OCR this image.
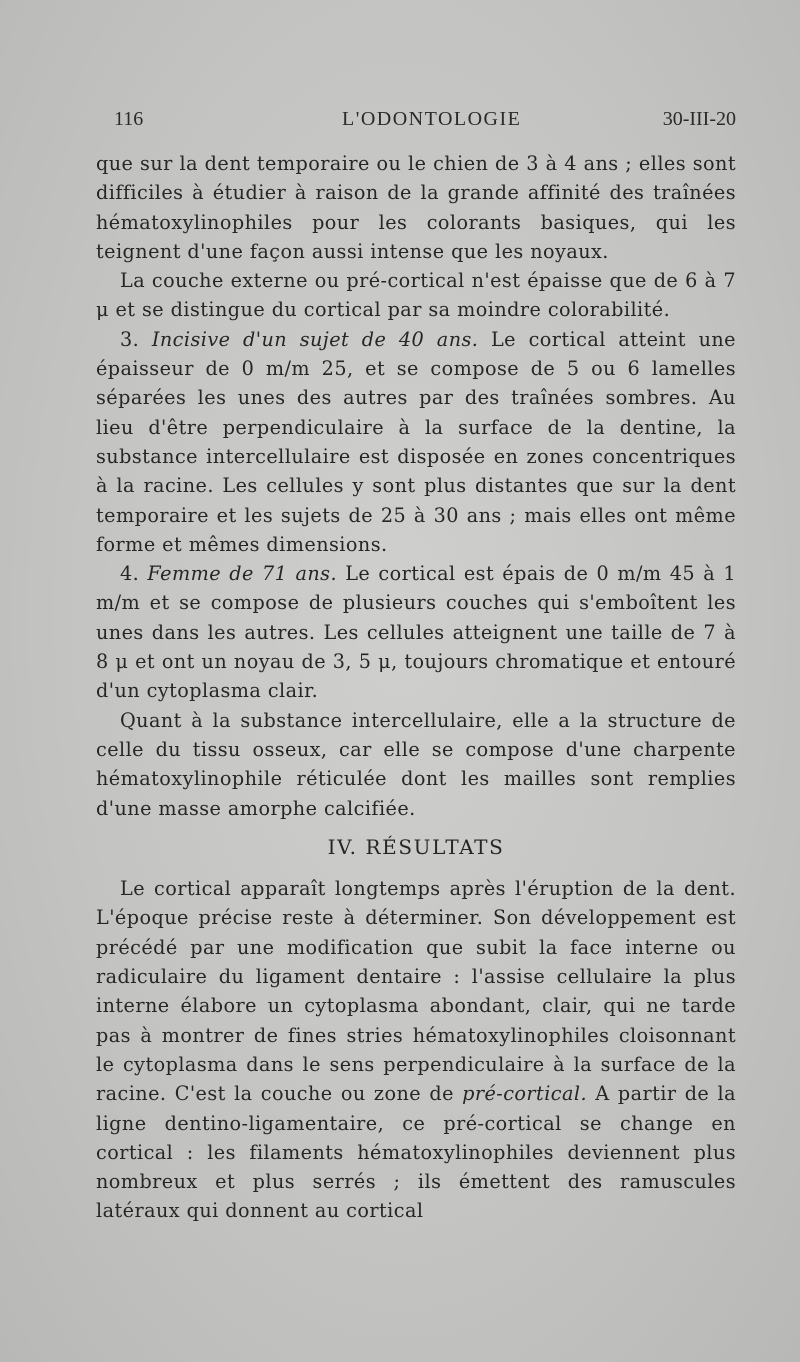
116	L'ODONTOLOGIE	30-III-20

que sur la dent temporaire ou le chien de 3 à 4 ans ; elles sont difficiles à étudier à raison de la grande affinité des traînées hématoxylinophiles pour les colorants basiques, qui les teignent d'une façon aussi intense que les noyaux.

La couche externe ou pré-cortical n'est épaisse que de 6 à 7 μ et se distingue du cortical par sa moindre colorabilité.

3. Incisive d'un sujet de 40 ans. Le cortical atteint une épaisseur de 0 m/m 25, et se compose de 5 ou 6 lamelles séparées les unes des autres par des traînées sombres. Au lieu d'être perpendiculaire à la surface de la dentine, la substance intercellulaire est disposée en zones concentriques à la racine. Les cellules y sont plus distantes que sur la dent temporaire et les sujets de 25 à 30 ans ; mais elles ont même forme et mêmes dimensions.

4. Femme de 71 ans. Le cortical est épais de 0 m/m 45 à 1 m/m et se compose de plusieurs couches qui s'emboîtent les unes dans les autres. Les cellules atteignent une taille de 7 à 8 μ et ont un noyau de 3, 5 μ, toujours chromatique et entouré d'un cytoplasma clair.

Quant à la substance intercellulaire, elle a la structure de celle du tissu osseux, car elle se compose d'une charpente hématoxylinophile réticulée dont les mailles sont remplies d'une masse amorphe calcifiée.

IV. RÉSULTATS

Le cortical apparaît longtemps après l'éruption de la dent. L'époque précise reste à déterminer. Son développement est précédé par une modification que subit la face interne ou radiculaire du ligament dentaire : l'assise cellulaire la plus interne élabore un cytoplasma abondant, clair, qui ne tarde pas à montrer de fines stries hématoxylinophiles cloisonnant le cytoplasma dans le sens perpendiculaire à la surface de la racine. C'est la couche ou zone de pré-cortical. A partir de la ligne dentino-ligamentaire, ce pré-cortical se change en cortical : les filaments hématoxylinophiles deviennent plus nombreux et plus serrés ; ils émettent des ramuscules latéraux qui donnent au cortical
